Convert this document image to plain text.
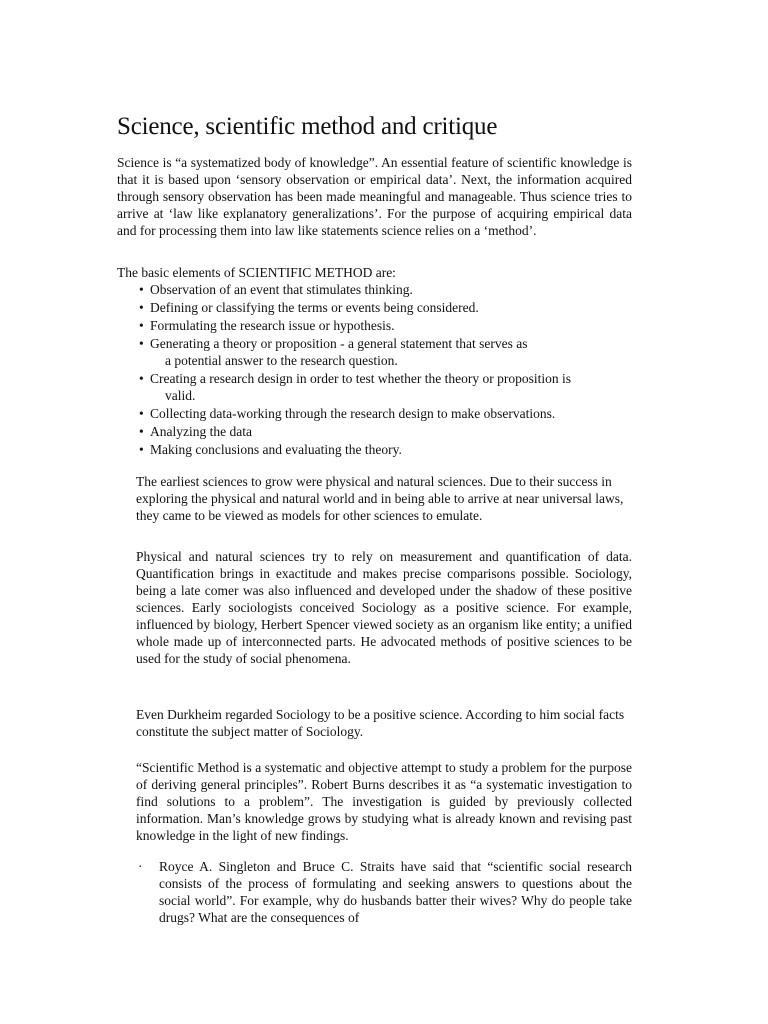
Science, scientific method and critique

Science is “a systematized body of knowledge”. An essential feature of scientific knowledge is that it is based upon ‘sensory observation or empirical data’. Next, the information acquired through sensory observation has been made meaningful and manageable. Thus science tries to arrive at ‘law like explanatory generalizations’. For the purpose of acquiring empirical data and for processing them into law like statements science relies on a ‘method’.

The basic elements of SCIENTIFIC METHOD are:

• Observation of an event that stimulates thinking.
• Defining or classifying the terms or events being considered.
• Formulating the research issue or hypothesis.
• Generating a theory or proposition - a general statement that serves as
a potential answer to the research question.
• Creating a research design in order to test whether the theory or proposition is
valid.
• Collecting data-working through the research design to make observations.
• Analyzing the data
• Making conclusions and evaluating the theory.

The earliest sciences to grow were physical and natural sciences. Due to their success in exploring the physical and natural world and in being able to arrive at near universal laws, they came to be viewed as models for other sciences to emulate.

Physical and natural sciences try to rely on measurement and quantification of data. Quantification brings in exactitude and makes precise comparisons possible. Sociology, being a late comer was also influenced and developed under the shadow of these positive sciences. Early sociologists conceived Sociology as a positive science. For example, influenced by biology, Herbert Spencer viewed society as an organism like entity; a unified whole made up of interconnected parts. He advocated methods of positive sciences to be used for the study of social phenomena.

Even Durkheim regarded Sociology to be a positive science. According to him social facts constitute the subject matter of Sociology.

“Scientific Method is a systematic and objective attempt to study a problem for the purpose of deriving general principles”. Robert Burns describes it as “a systematic investigation to find solutions to a problem”. The investigation is guided by previously collected information. Man’s knowledge grows by studying what is already known and revising past knowledge in the light of new findings.

· Royce A. Singleton and Bruce C. Straits have said that “scientific social research consists of the process of formulating and seeking answers to questions about the social world”. For example, why do husbands batter their wives? Why do people take drugs? What are the consequences of
